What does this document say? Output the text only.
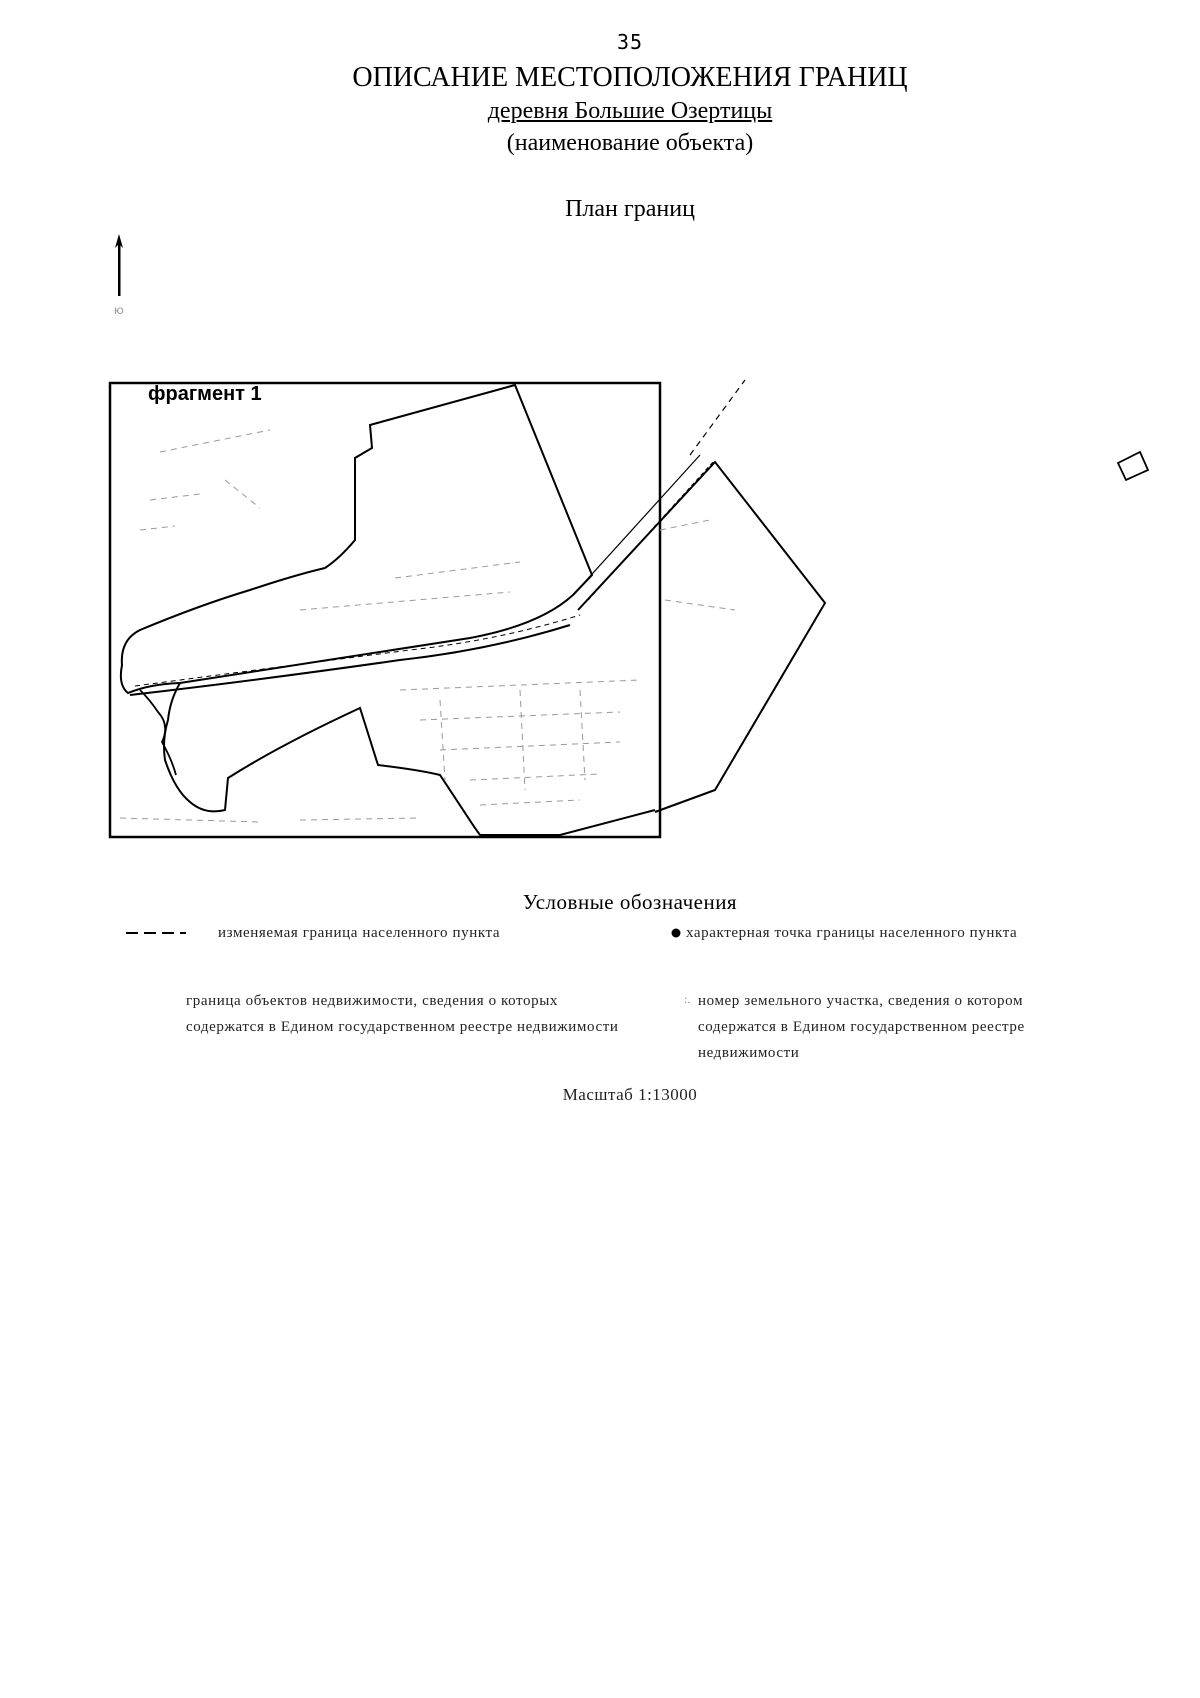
35
ОПИСАНИЕ МЕСТОПОЛОЖЕНИЯ ГРАНИЦ
деревня Большие Озертицы
(наименование объекта)
План границ
Ю
фрагмент 1
Условные обозначения
изменяемая граница населенного пункта	характерная точка границы населенного пункта
граница объектов недвижимости, сведения о которых содержатся в Едином государственном реестре недвижимости
:. номер земельного участка, сведения о котором содержатся в Едином государственном реестре недвижимости
Масштаб 1:13000
